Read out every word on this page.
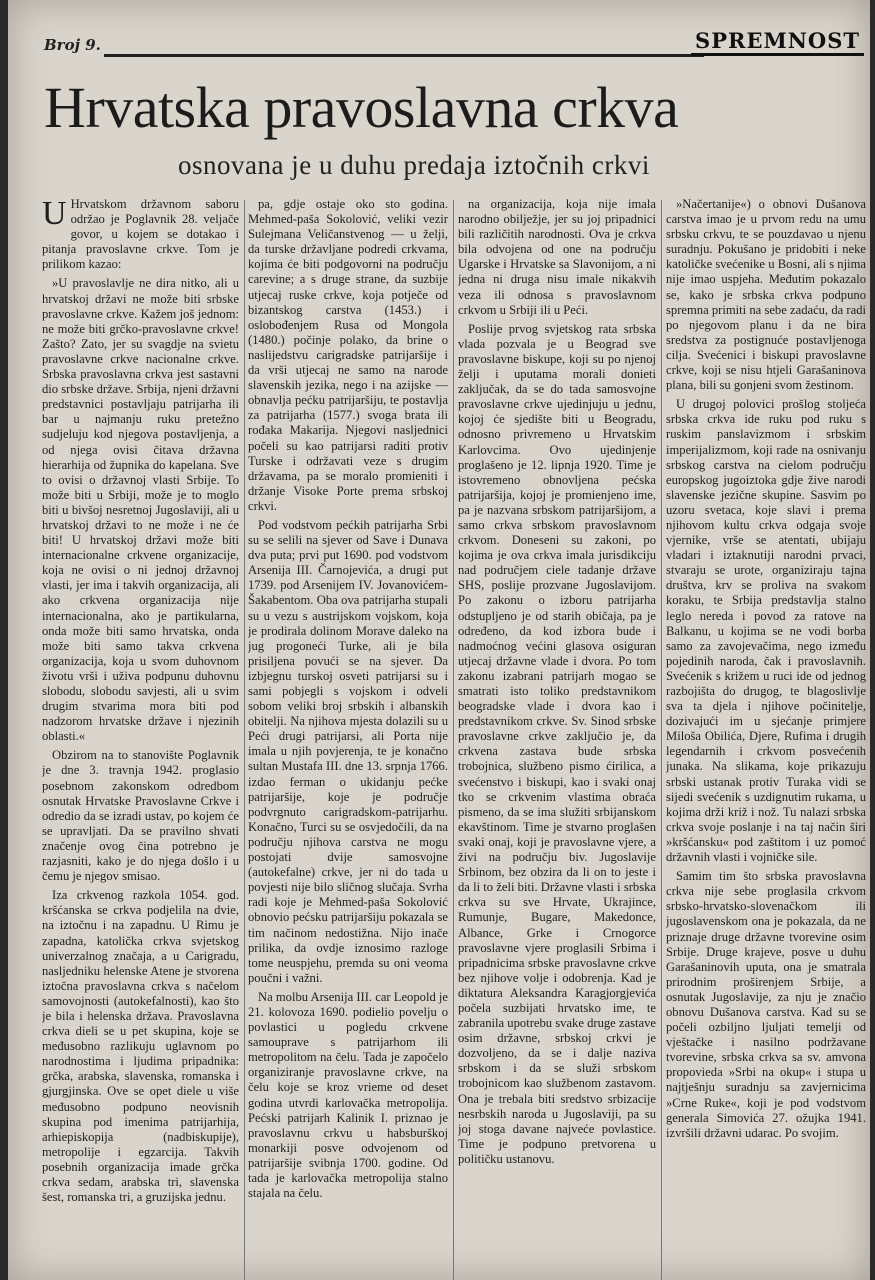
Broj 9.	SPREMNOST
Hrvatska pravoslavna crkva
osnovana je u duhu predaja iztočnih crkvi

U Hrvatskom državnom saboru održao je Poglavnik 28. veljače govor, u kojem se dotakao i pitanja pravoslavne crkve. Tom je prilikom kazao:

»U pravoslavlje ne dira nitko, ali u hrvatskoj državi ne može biti srbske pravoslavne crkve. Kažem još jednom: ne može biti grčko-pravoslavne crkve! Zašto? Zato, jer su svagdje na svietu pravoslavne crkve nacionalne crkve. Srbska pravoslavna crkva jest sastavni dio srbske države. Srbija, njeni državni predstavnici postavljaju patrijarha ili bar u najmanju ruku pretežno sudjeluju kod njegova postavljenja, a od njega ovisi čitava državna hierarhija od župnika do kapelana. Sve to ovisi o državnoj vlasti Srbije. To može biti u Srbiji, može je to moglo biti u bivšoj nesretnoj Jugoslaviji, ali u hrvatskoj državi to ne može i ne će biti! U hrvatskoj državi može biti internacionalne crkvene organizacije, koja ne ovisi o ni jednoj državnoj vlasti, jer ima i takvih organizacija, ali ako crkvena organizacija nije internacionalna, ako je partikularna, onda može biti samo hrvatska, onda može biti samo takva crkvena organizacija, koja u svom duhovnom životu vrši i uživa podpunu duhovnu slobodu, slobodu savjesti, ali u svim drugim stvarima mora biti pod nadzorom hrvatske države i njezinih oblasti.«

Obzirom na to stanovište Poglavnik je dne 3. travnja 1942. proglasio posebnom zakonskom odredbom osnutak Hrvatske Pravoslavne Crkve i odredio da se izradi ustav, po kojem će se upravljati. Da se pravilno shvati značenje ovog čina potrebno je razjasniti, kako je do njega došlo i u čemu je njegov smisao.

Iza crkvenog razkola 1054. god. kršćanska se crkva podjelila na dvie, na iztočnu i na zapadnu. U Rimu je zapadna, katolička crkva svjetskog univerzalnog značaja, a u Carigradu, nasljedniku helenske Atene je stvorena iztočna pravoslavna crkva s načelom samovojnosti (autokefalnosti), kao što je bila i helenska država. Pravoslavna crkva dieli se u pet skupina, koje se međusobno razlikuju uglavnom po narodnostima i ljudima pripadnika: grčka, arabska, slavenska, romanska i gjurgjinska. Ove se opet diele u više međusobno podpuno neovisnih skupina pod imenima patrijarhija, arhiepiskopija (nadbiskupije), metropolije i egzarcija. Takvih posebnih organizacija imade grčka crkva sedam, arabska tri, slavenska šest, romanska tri, a gruzijska jednu.

pa, gdje ostaje oko sto godina. Mehmed-paša Sokolović, veliki vezir Sulejmana Veličanstvenog — u želji, da turske državljane podredi crkvama, kojima će biti podgovorni na području carevine; a s druge strane, da suzbije utjecaj ruske crkve, koja potječe od bizantskog carstva (1453.) i oslobođenjem Rusa od Mongola (1480.) počinje polako, da brine o naslijedstvu carigradske patrijaršije i da vrši utjecaj ne samo na narode slavenskih jezika, nego i na azijske — obnavlja pećku patrijaršiju, te postavlja za patrijarha (1577.) svoga brata ili rođaka Makarija. Njegovi nasljednici počeli su kao patrijarsi raditi protiv Turske i održavati veze s drugim državama, pa se moralo promieniti i držanje Visoke Porte prema srbskoj crkvi.

Pod vodstvom pećkih patrijarha Srbi su se selili na sjever od Save i Dunava dva puta; prvi put 1690. pod vodstvom Arsenija III. Čarnojevića, a drugi put 1739. pod Arsenijem IV. Jovanovićem-Šakabentom. Oba ova patrijarha stupali su u vezu s austrijskom vojskom, koja je prodirala dolinom Morave daleko na jug progoneći Turke, ali je bila prisiljena povući se na sjever. Da izbjegnu turskoj osveti patrijarsi su i sami pobjegli s vojskom i odveli sobom veliki broj srbskih i albanskih obitelji. Na njihova mjesta dolazili su u Peći drugi patrijarsi, ali Porta nije imala u njih povjerenja, te je konačno sultan Mustafa III. dne 13. srpnja 1766. izdao ferman o ukidanju pećke patrijaršije, koje je područje podvrgnuto carigradskom-patrijarhu. Konačno, Turci su se osvjedočili, da na području njihova carstva ne mogu postojati dvije samosvojne (autokefalne) crkve, jer ni do tada u povjesti nije bilo sličnog slučaja. Svrha radi koje je Mehmed-paša Sokolović obnovio pećsku patrijaršiju pokazala se tim načinom nedostižna. Nijo inače prilika, da ovdje iznosimo razloge tome neuspjehu, premda su oni veoma poučni i važni.

Na molbu Arsenija III. car Leopold je 21. kolovoza 1690. podielio povelju o povlastici u pogledu crkvene samouprave s patrijarhom ili metropolitom na čelu. Tada je započelo organiziranje pravoslavne crkve, na čelu koje se kroz vrieme od deset godina utvrdi karlovačka metropolija. Pećski patrijarh Kalinik I. priznao je pravoslavnu crkvu u habsburškoj monarkiji posve odvojenom od patrijaršije svibnja 1700. godine. Od tada je karlovačka metropolija stalno stajala na čelu.

na organizacija, koja nije imala narodno obilježje, jer su joj pripadnici bili različitih narodnosti. Ova je crkva bila odvojena od one na području Ugarske i Hrvatske sa Slavonijom, a ni jedna ni druga nisu imale nikakvih veza ili odnosa s pravoslavnom crkvom u Srbiji ili u Peći.

Poslije prvog svjetskog rata srbska vlada pozvala je u Beograd sve pravoslavne biskupe, koji su po njenoj želji i uputama morali donieti zaključak, da se do tada samosvojne pravoslavne crkve ujedinjuju u jednu, kojoj će sjedište biti u Beogradu, odnosno privremeno u Hrvatskim Karlovcima. Ovo ujedinjenje proglašeno je 12. lipnja 1920. Time je istovremeno obnovljena pećska patrijaršija, kojoj je promienjeno ime, pa je nazvana srbskom patrijaršijom, a samo crkva srbskom pravoslavnom crkvom. Doneseni su zakoni, po kojima je ova crkva imala jurisdikciju nad područjem cielе tadanje države SHS, poslije prozvane Jugoslavijom. Po zakonu o izboru patrijarha odstupljeno je od starih običaja, pa je određeno, da kod izbora bude i nadmoćnog većini glasova osiguran utjecaj državne vlade i dvora. Po tom zakonu izabrani patrijarh mogao se smatrati isto toliko predstavnikom beogradske vlade i dvora kao i predstavnikom crkve. Sv. Sinod srbske pravoslavne crkve zaključio je, da crkvena zastava bude srbska trobojnica, službeno pismo ćirilica, a svećenstvo i biskupi, kao i svaki onaj tko se crkvenim vlastima obraća pismeno, da se ima služiti srbijanskom ekavštinom. Time je stvarno proglašen svaki onaj, koji je pravoslavne vjere, a živi na području biv. Jugoslavije Srbinom, bez obzira da li on to jeste i da li to želi biti. Državne vlasti i srbska crkva su sve Hrvate, Ukrajince, Rumunje, Bugare, Makedonce, Albance, Grke i Crnogorce pravoslavne vjere proglasili Srbima i pripadnicima srbske pravoslavne crkve bez njihove volje i odobrenja. Kad je diktatura Aleksandra Karagjorgjevića počela suzbijati hrvatsko ime, te zabranila upotrebu svake druge zastave osim državne, srbskoj crkvi je dozvoljeno, da se i dalje naziva srbskom i da se služi srbskom trobojnicom kao službenom zastavom. Ona je trebala biti sredstvo srbizacije nesrbskih naroda u Jugoslaviji, pa su joj stoga davane najveće povlastice. Time je podpuno pretvorena u političku ustanovu.

»Načertanije«) o obnovi Dušanova carstva imao je u prvom redu na umu srbsku crkvu, te se pouzdavao u njenu suradnju. Pokušano je pridobiti i neke katoličke svećenike u Bosni, ali s njima nije imao uspjeha. Međutim pokazalo se, kako je srbska crkva podpuno spremna primiti na sebe zadaću, da radi po njegovom planu i da ne bira sredstva za postignuće postavljenoga cilja. Svećenici i biskupi pravoslavne crkve, koji se nisu htjeli Garašaninova plana, bili su gonjeni svom žestinom.

U drugoj polovici prošlog stoljeća srbska crkva ide ruku pod ruku s ruskim panslavizmom i srbskim imperijalizmom, koji rade na osnivanju srbskog carstva na cielom području europskog jugoiztoka gdje žive narodi slavenske jezične skupine. Sasvim po uzoru svetaca, koje slavi i prema njihovom kultu crkva odgaja svoje vjernike, vrše se atentati, ubijaju vladari i iztaknutiji narodni prvaci, stvaraju se urote, organiziraju tajna društva, krv se proliva na svakom koraku, te Srbija predstavlja stalno leglo nereda i povod za ratove na Balkanu, u kojima se ne vodi borba samo za zavojevačima, nego između pojedinih naroda, čak i pravoslavnih. Svećenik s križem u ruci ide od jednog razbojišta do drugog, te blagoslivlje sva ta djela i njihove počinitelje, dozivajući im u sjećanje primjere Miloša Obilića, Djere, Rufima i drugih legendarnih i crkvom posvećenih junaka. Na slikama, koje prikazuju srbski ustanak protiv Turaka vidi se sijedi svećenik s uzdignutim rukama, u kojima drži križ i nož. Tu nalazi srbska crkva svoje poslanje i na taj način širi »kršćansku« pod zaštitom i uz pomoć državnih vlasti i vojničke sile.

Samim tim što srbska pravoslavna crkva nije sebe proglasila crkvom srbsko-hrvatsko-slovenačkom ili jugoslavenskom ona je pokazala, da ne priznaje druge državne tvorevine osim Srbije. Druge krajeve, posve u duhu Garašaninovih uputa, ona je smatrala prirodnim proširenjem Srbije, a osnutak Jugoslavije, za nju je značio obnovu Dušanova carstva. Kad su se počeli ozbiljno ljuljati temelji od vještačke i nasilno podržavane tvorevine, srbska crkva sa sv. amvona propovieda »Srbi na okup« i stupa u najtješnju suradnju sa zavjernicima »Crne Ruke«, koji je pod vodstvom generala Simovića 27. ožujka 1941. izvršili državni udarac. Po svojim.
